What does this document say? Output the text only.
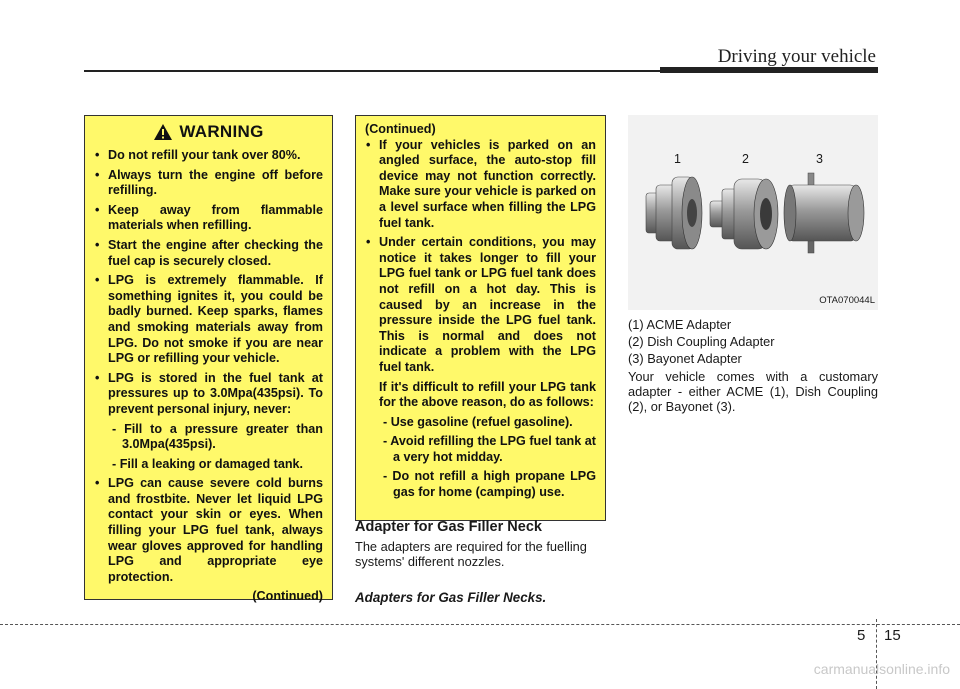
Driving your vehicle
WARNING
• Do not refill your tank over 80%.
• Always turn the engine off before refilling.
• Keep away from flammable materials when refilling.
• Start the engine after checking the fuel cap is securely closed.
• LPG is extremely flammable. If something ignites it, you could be badly burned. Keep sparks, flames and smoking materials away from LPG. Do not smoke if you are near LPG or refilling your vehicle.
• LPG is stored in the fuel tank at pressures up to 3.0Mpa(435psi). To prevent personal injury, never:
- Fill to a pressure greater than 3.0Mpa(435psi).
- Fill a leaking or damaged tank.
• LPG can cause severe cold burns and frostbite. Never let liquid LPG contact your skin or eyes. When filling your LPG fuel tank, always wear gloves approved for handling LPG and appropriate eye protection.
(Continued)
(Continued)
• If your vehicles is parked on an angled surface, the auto-stop fill device may not function correctly. Make sure your vehicle is parked on a level surface when filling the LPG fuel tank.
• Under certain conditions, you may notice it takes longer to fill your LPG fuel tank or LPG fuel tank does not refill on a hot day. This is caused by an increase in the pressure inside the LPG fuel tank. This is normal and does not indicate a problem with the LPG fuel tank.
If it's difficult to refill your LPG tank for the above reason, do as follows:
- Use gasoline (refuel gasoline).
- Avoid refilling the LPG fuel tank at a very hot midday.
- Do not refill a high propane LPG gas for home (camping) use.
Adapter for Gas Filler Neck
The adapters are required for the fuelling systems' different nozzles.
Adapters for Gas Filler Necks.
1	2	3
OTA070044L

(1) ACME Adapter

(2) Dish Coupling Adapter

(3) Bayonet Adapter

Your vehicle comes with a customary adapter - either ACME (1), Dish Coupling (2), or Bayonet (3).

5 15
carmanualsonline.info
